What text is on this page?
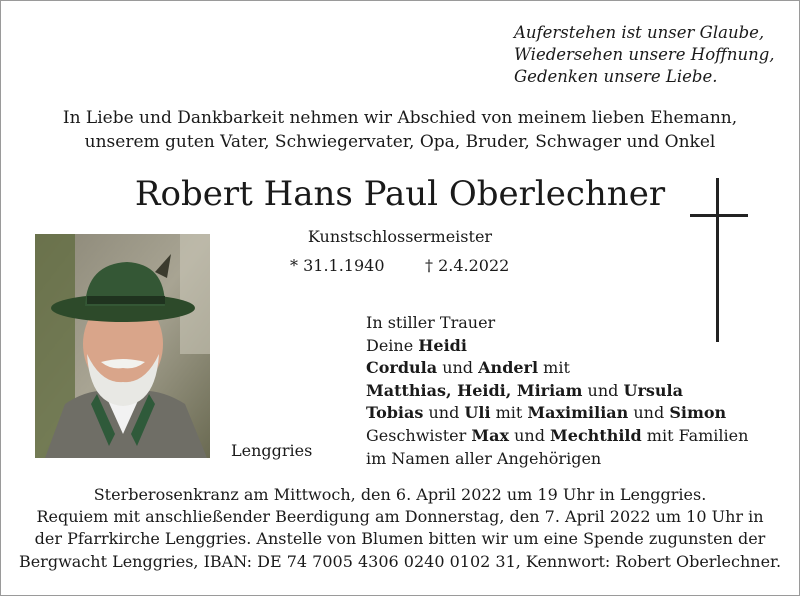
Auferstehen ist unser Glaube,
Wiedersehen unsere Hoffnung,
Gedenken unsere Liebe.
In Liebe und Dankbarkeit nehmen wir Abschied von meinem lieben Ehemann,
unserem guten Vater, Schwiegervater, Opa, Bruder, Schwager und Onkel
Robert Hans Paul Oberlechner
Kunstschlossermeister
* 31.1.1940	† 2.4.2022
Lenggries
In stiller Trauer
Deine Heidi
Cordula und Anderl mit
Matthias, Heidi, Miriam und Ursula
Tobias und Uli mit Maximilian und Simon
Geschwister Max und Mechthild mit Familien
im Namen aller Angehörigen
Sterberosenkranz am Mittwoch, den 6. April 2022 um 19 Uhr in Lenggries.
Requiem mit anschließender Beerdigung am Donnerstag, den 7. April 2022 um 10 Uhr in
der Pfarrkirche Lenggries. Anstelle von Blumen bitten wir um eine Spende zugunsten der
Bergwacht Lenggries, IBAN: DE 74 7005 4306 0240 0102 31, Kennwort: Robert Oberlechner.
